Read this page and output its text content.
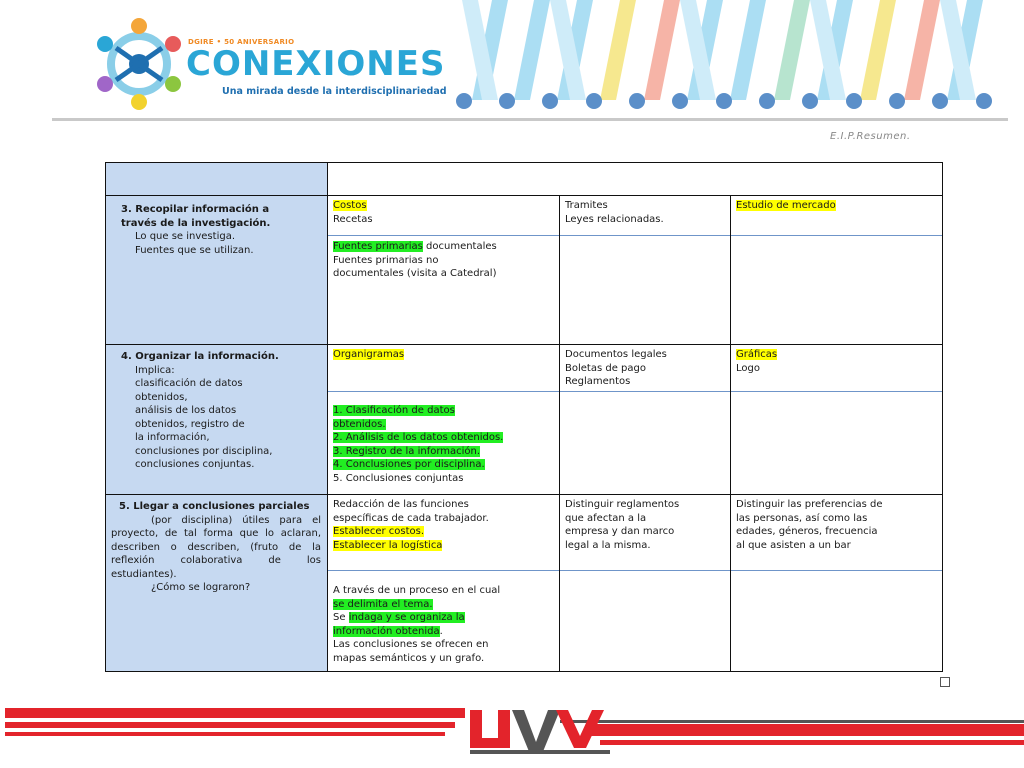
DGIRE • 50 ANIVERSARIO
CONEXIONES
Una mirada desde la interdisciplinariedad
E.I.P.Resumen.
3. Recopilar información a
través de la investigación.
Lo que se investiga.
Fuentes que se utilizan.
4. Organizar la información.
Implica:
clasificación de datos
obtenidos,
análisis de los datos
obtenidos, registro de
la información,
conclusiones por disciplina,
conclusiones conjuntas.
5. Llegar a conclusiones parciales
(por disciplina) útiles para el proyecto, de tal forma que lo aclaran, describen o describen, (fruto de la reflexión colaborativa de los estudiantes).
¿Cómo se lograron?
Costos
Recetas
Fuentes primarias documentales
Fuentes primarias no
documentales (visita a Catedral)
Tramites
Leyes relacionadas.
Estudio de mercado
Organigramas
1. Clasificación de datos
obtenidos.
2. Análisis de los datos obtenidos.
3. Registro de la información.
4. Conclusiones por disciplina.
5. Conclusiones conjuntas
Documentos legales
Boletas de pago
Reglamentos
Gráficas
Logo
Redacción de las funciones
específicas de cada trabajador.
Establecer costos.
Establecer la logística
A través de un proceso en el cual
se delimita el tema.
Se indaga y se organiza la
información obtenida.
Las conclusiones se ofrecen en
mapas semánticos y un grafo.
Distinguir reglamentos
que afectan a la
empresa y dan marco
legal a la misma.
Distinguir las preferencias de
las personas, así como las
edades, géneros, frecuencia
al que asisten a un bar
